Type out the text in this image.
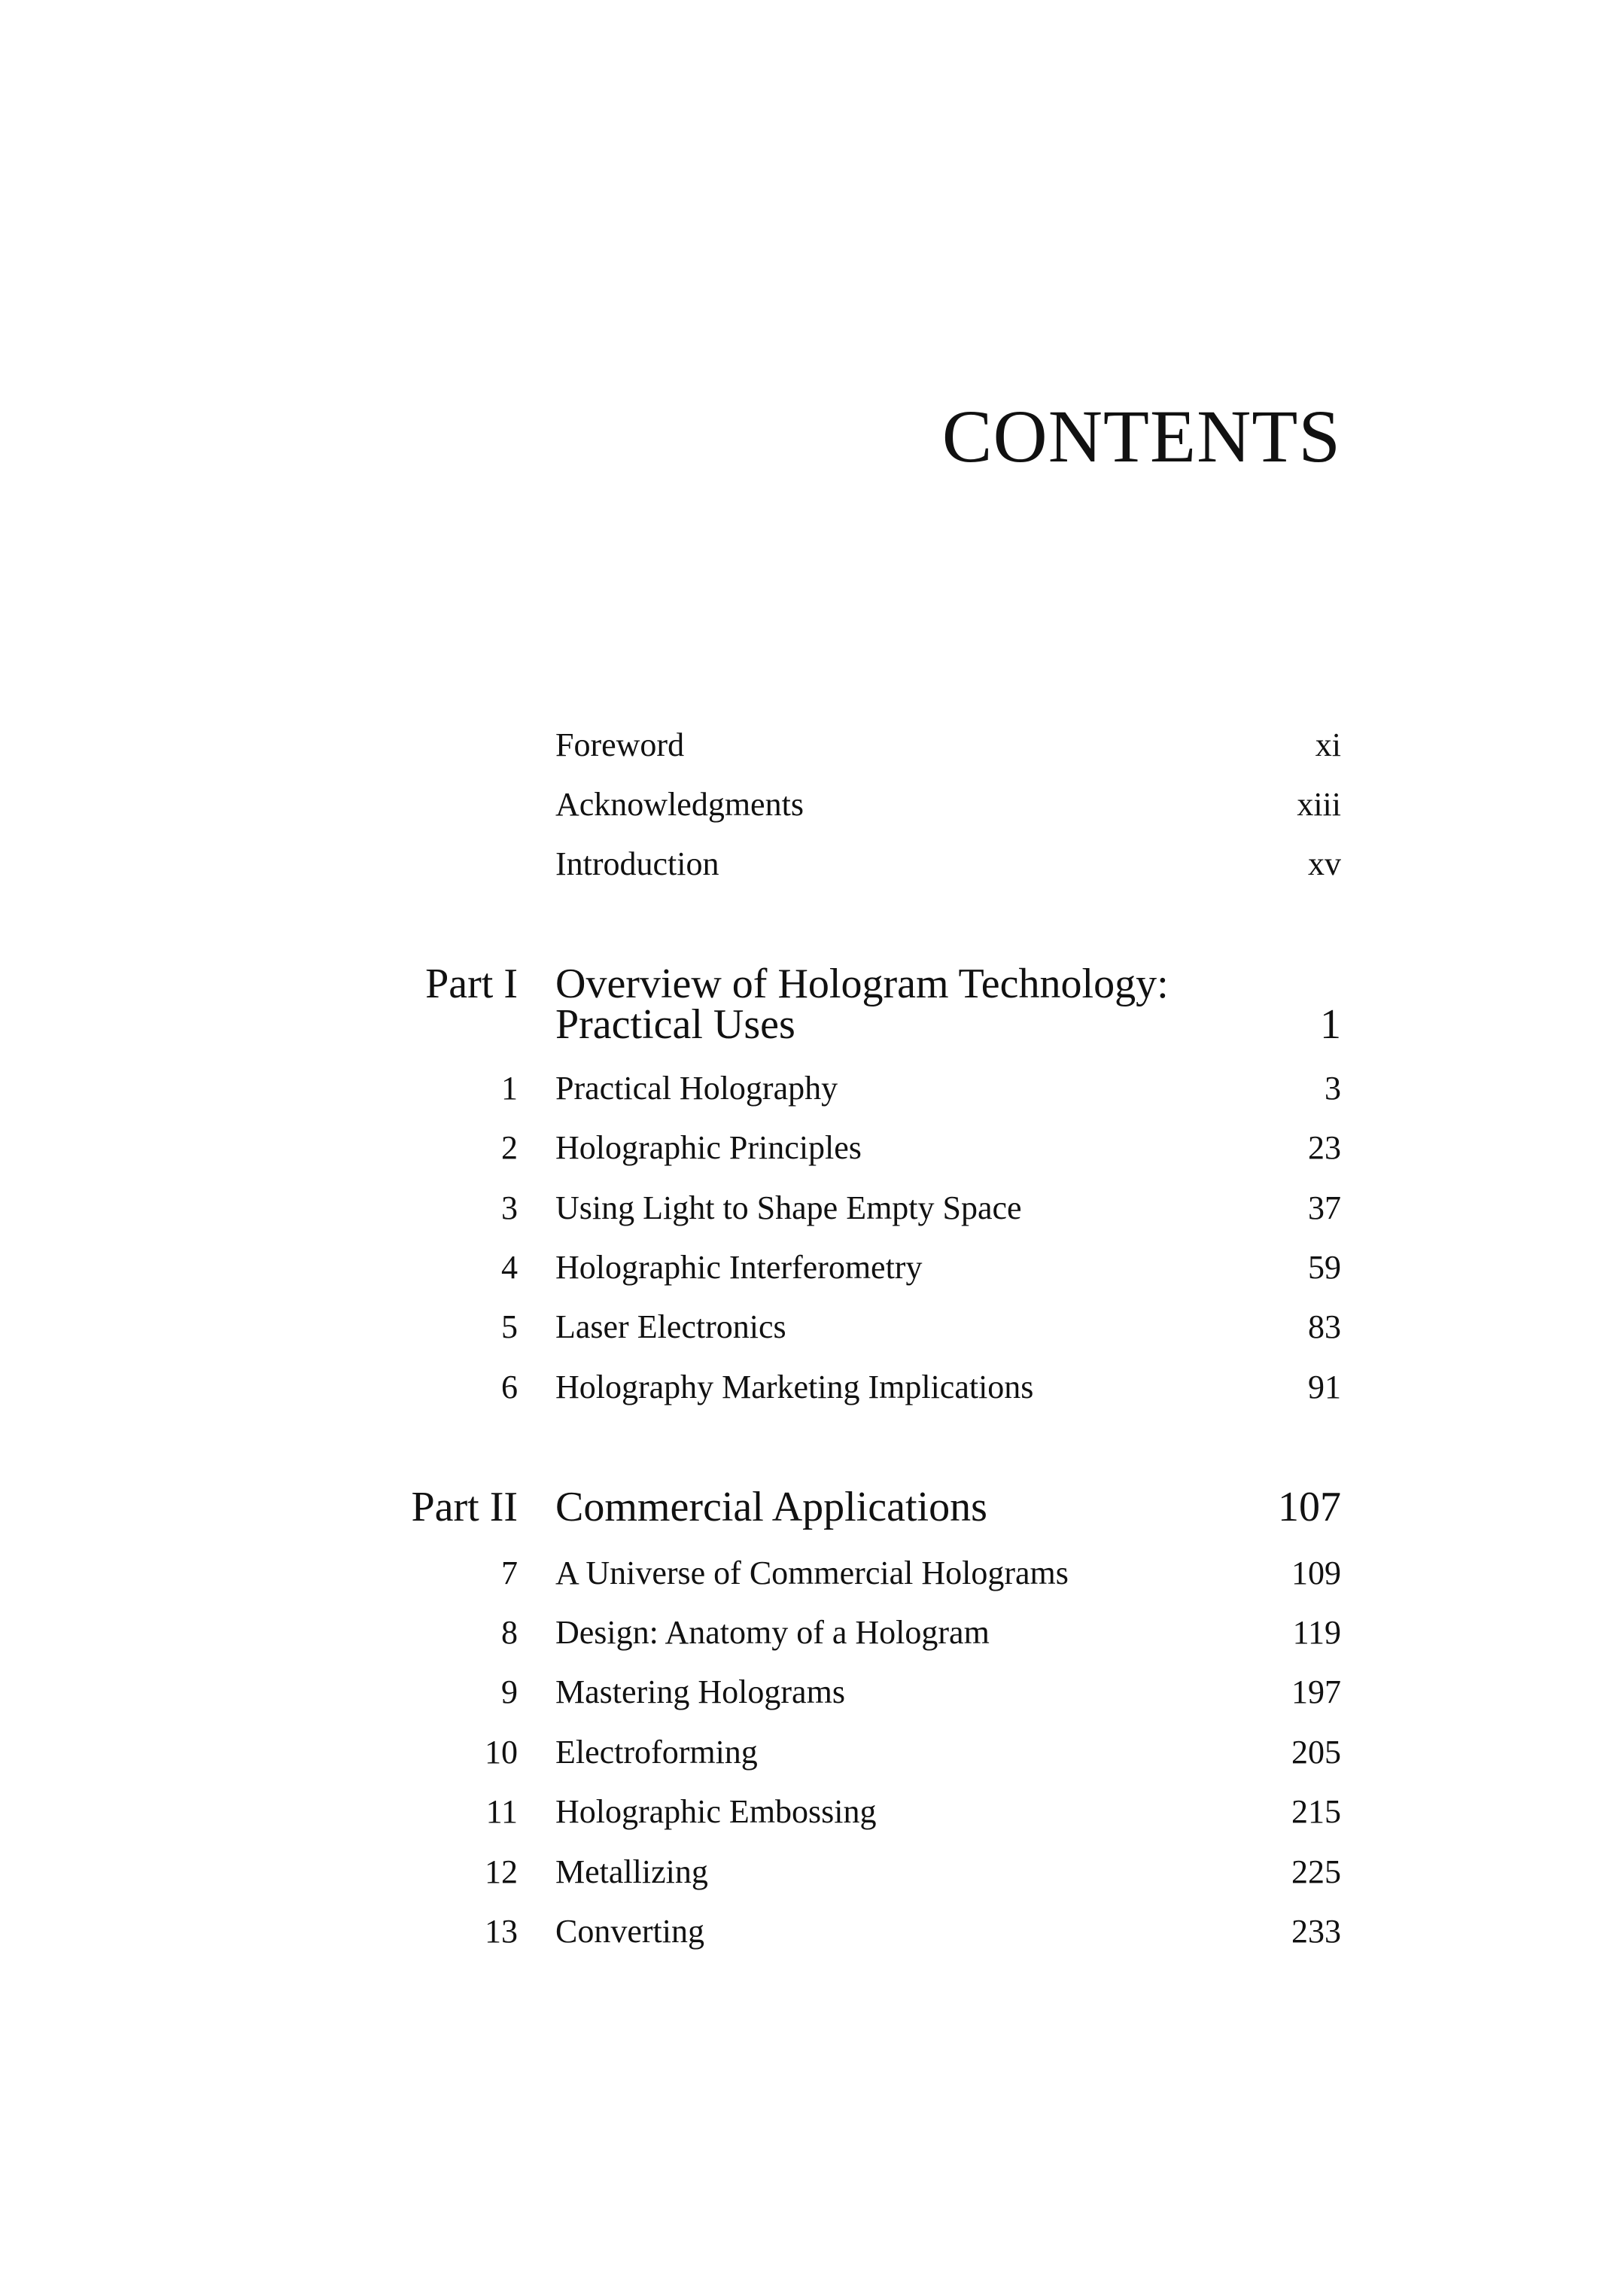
CONTENTS
Foreword	xi
Acknowledgments	xiii
Introduction	xv
Part I Overview of Hologram Technology:
Practical Uses	1
1 Practical Holography	3
2 Holographic Principles	23
3 Using Light to Shape Empty Space	37
4 Holographic Interferometry	59
5 Laser Electronics	83
6 Holography Marketing Implications	91
Part II Commercial Applications	107
7 A Universe of Commercial Holograms	109
8 Design: Anatomy of a Hologram	119
9 Mastering Holograms	197
10 Electroforming	205
11 Holographic Embossing	215
12 Metallizing	225
13 Converting	233
